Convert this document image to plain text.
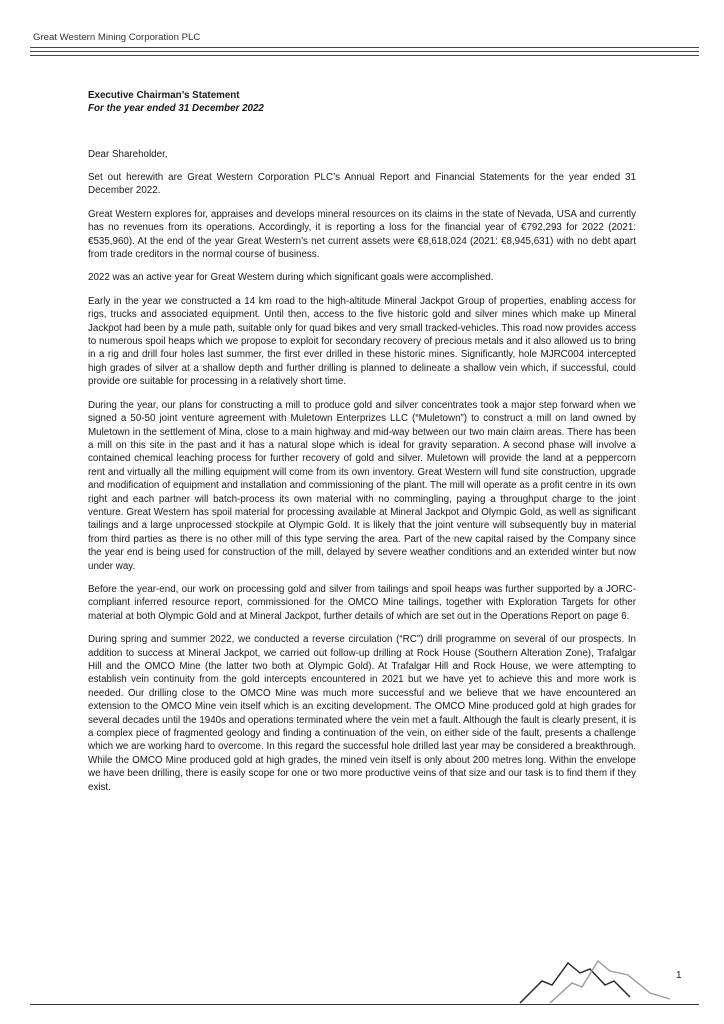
Great Western Mining Corporation PLC
Executive Chairman’s Statement
For the year ended 31 December 2022
Dear Shareholder,

Set out herewith are Great Western Corporation PLC’s Annual Report and Financial Statements for the year ended 31 December 2022.

Great Western explores for, appraises and develops mineral resources on its claims in the state of Nevada, USA and currently has no revenues from its operations. Accordingly, it is reporting a loss for the financial year of €792,293 for 2022 (2021: €535,960). At the end of the year Great Western’s net current assets were €8,618,024 (2021: €8,945,631) with no debt apart from trade creditors in the normal course of business.

2022 was an active year for Great Western during which significant goals were accomplished.

Early in the year we constructed a 14 km road to the high-altitude Mineral Jackpot Group of properties, enabling access for rigs, trucks and associated equipment. Until then, access to the five historic gold and silver mines which make up Mineral Jackpot had been by a mule path, suitable only for quad bikes and very small tracked-vehicles. This road now provides access to numerous spoil heaps which we propose to exploit for secondary recovery of precious metals and it also allowed us to bring in a rig and drill four holes last summer, the first ever drilled in these historic mines. Significantly, hole MJRC004 intercepted high grades of silver at a shallow depth and further drilling is planned to delineate a shallow vein which, if successful, could provide ore suitable for processing in a relatively short time.

During the year, our plans for constructing a mill to produce gold and silver concentrates took a major step forward when we signed a 50-50 joint venture agreement with Muletown Enterprizes LLC (“Muletown”) to construct a mill on land owned by Muletown in the settlement of Mina, close to a main highway and mid-way between our two main claim areas. There has been a mill on this site in the past and it has a natural slope which is ideal for gravity separation. A second phase will involve a contained chemical leaching process for further recovery of gold and silver. Muletown will provide the land at a peppercorn rent and virtually all the milling equipment will come from its own inventory. Great Western will fund site construction, upgrade and modification of equipment and installation and commissioning of the plant. The mill will operate as a profit centre in its own right and each partner will batch-process its own material with no commingling, paying a throughput charge to the joint venture. Great Western has spoil material for processing available at Mineral Jackpot and Olympic Gold, as well as significant tailings and a large unprocessed stockpile at Olympic Gold. It is likely that the joint venture will subsequently buy in material from third parties as there is no other mill of this type serving the area. Part of the new capital raised by the Company since the year end is being used for construction of the mill, delayed by severe weather conditions and an extended winter but now under way.

Before the year-end, our work on processing gold and silver from tailings and spoil heaps was further supported by a JORC-compliant inferred resource report, commissioned for the OMCO Mine tailings, together with Exploration Targets for other material at both Olympic Gold and at Mineral Jackpot, further details of which are set out in the Operations Report on page 6.

During spring and summer 2022, we conducted a reverse circulation (“RC”) drill programme on several of our prospects. In addition to success at Mineral Jackpot, we carried out follow-up drilling at Rock House (Southern Alteration Zone), Trafalgar Hill and the OMCO Mine (the latter two both at Olympic Gold). At Trafalgar Hill and Rock House, we were attempting to establish vein continuity from the gold intercepts encountered in 2021 but we have yet to achieve this and more work is needed. Our drilling close to the OMCO Mine was much more successful and we believe that we have encountered an extension to the OMCO Mine vein itself which is an exciting development. The OMCO Mine produced gold at high grades for several decades until the 1940s and operations terminated where the vein met a fault. Although the fault is clearly present, it is a complex piece of fragmented geology and finding a continuation of the vein, on either side of the fault, presents a challenge which we are working hard to overcome. In this regard the successful hole drilled last year may be considered a breakthrough. While the OMCO Mine produced gold at high grades, the mined vein itself is only about 200 metres long. Within the envelope we have been drilling, there is easily scope for one or two more productive veins of that size and our task is to find them if they exist.

1
